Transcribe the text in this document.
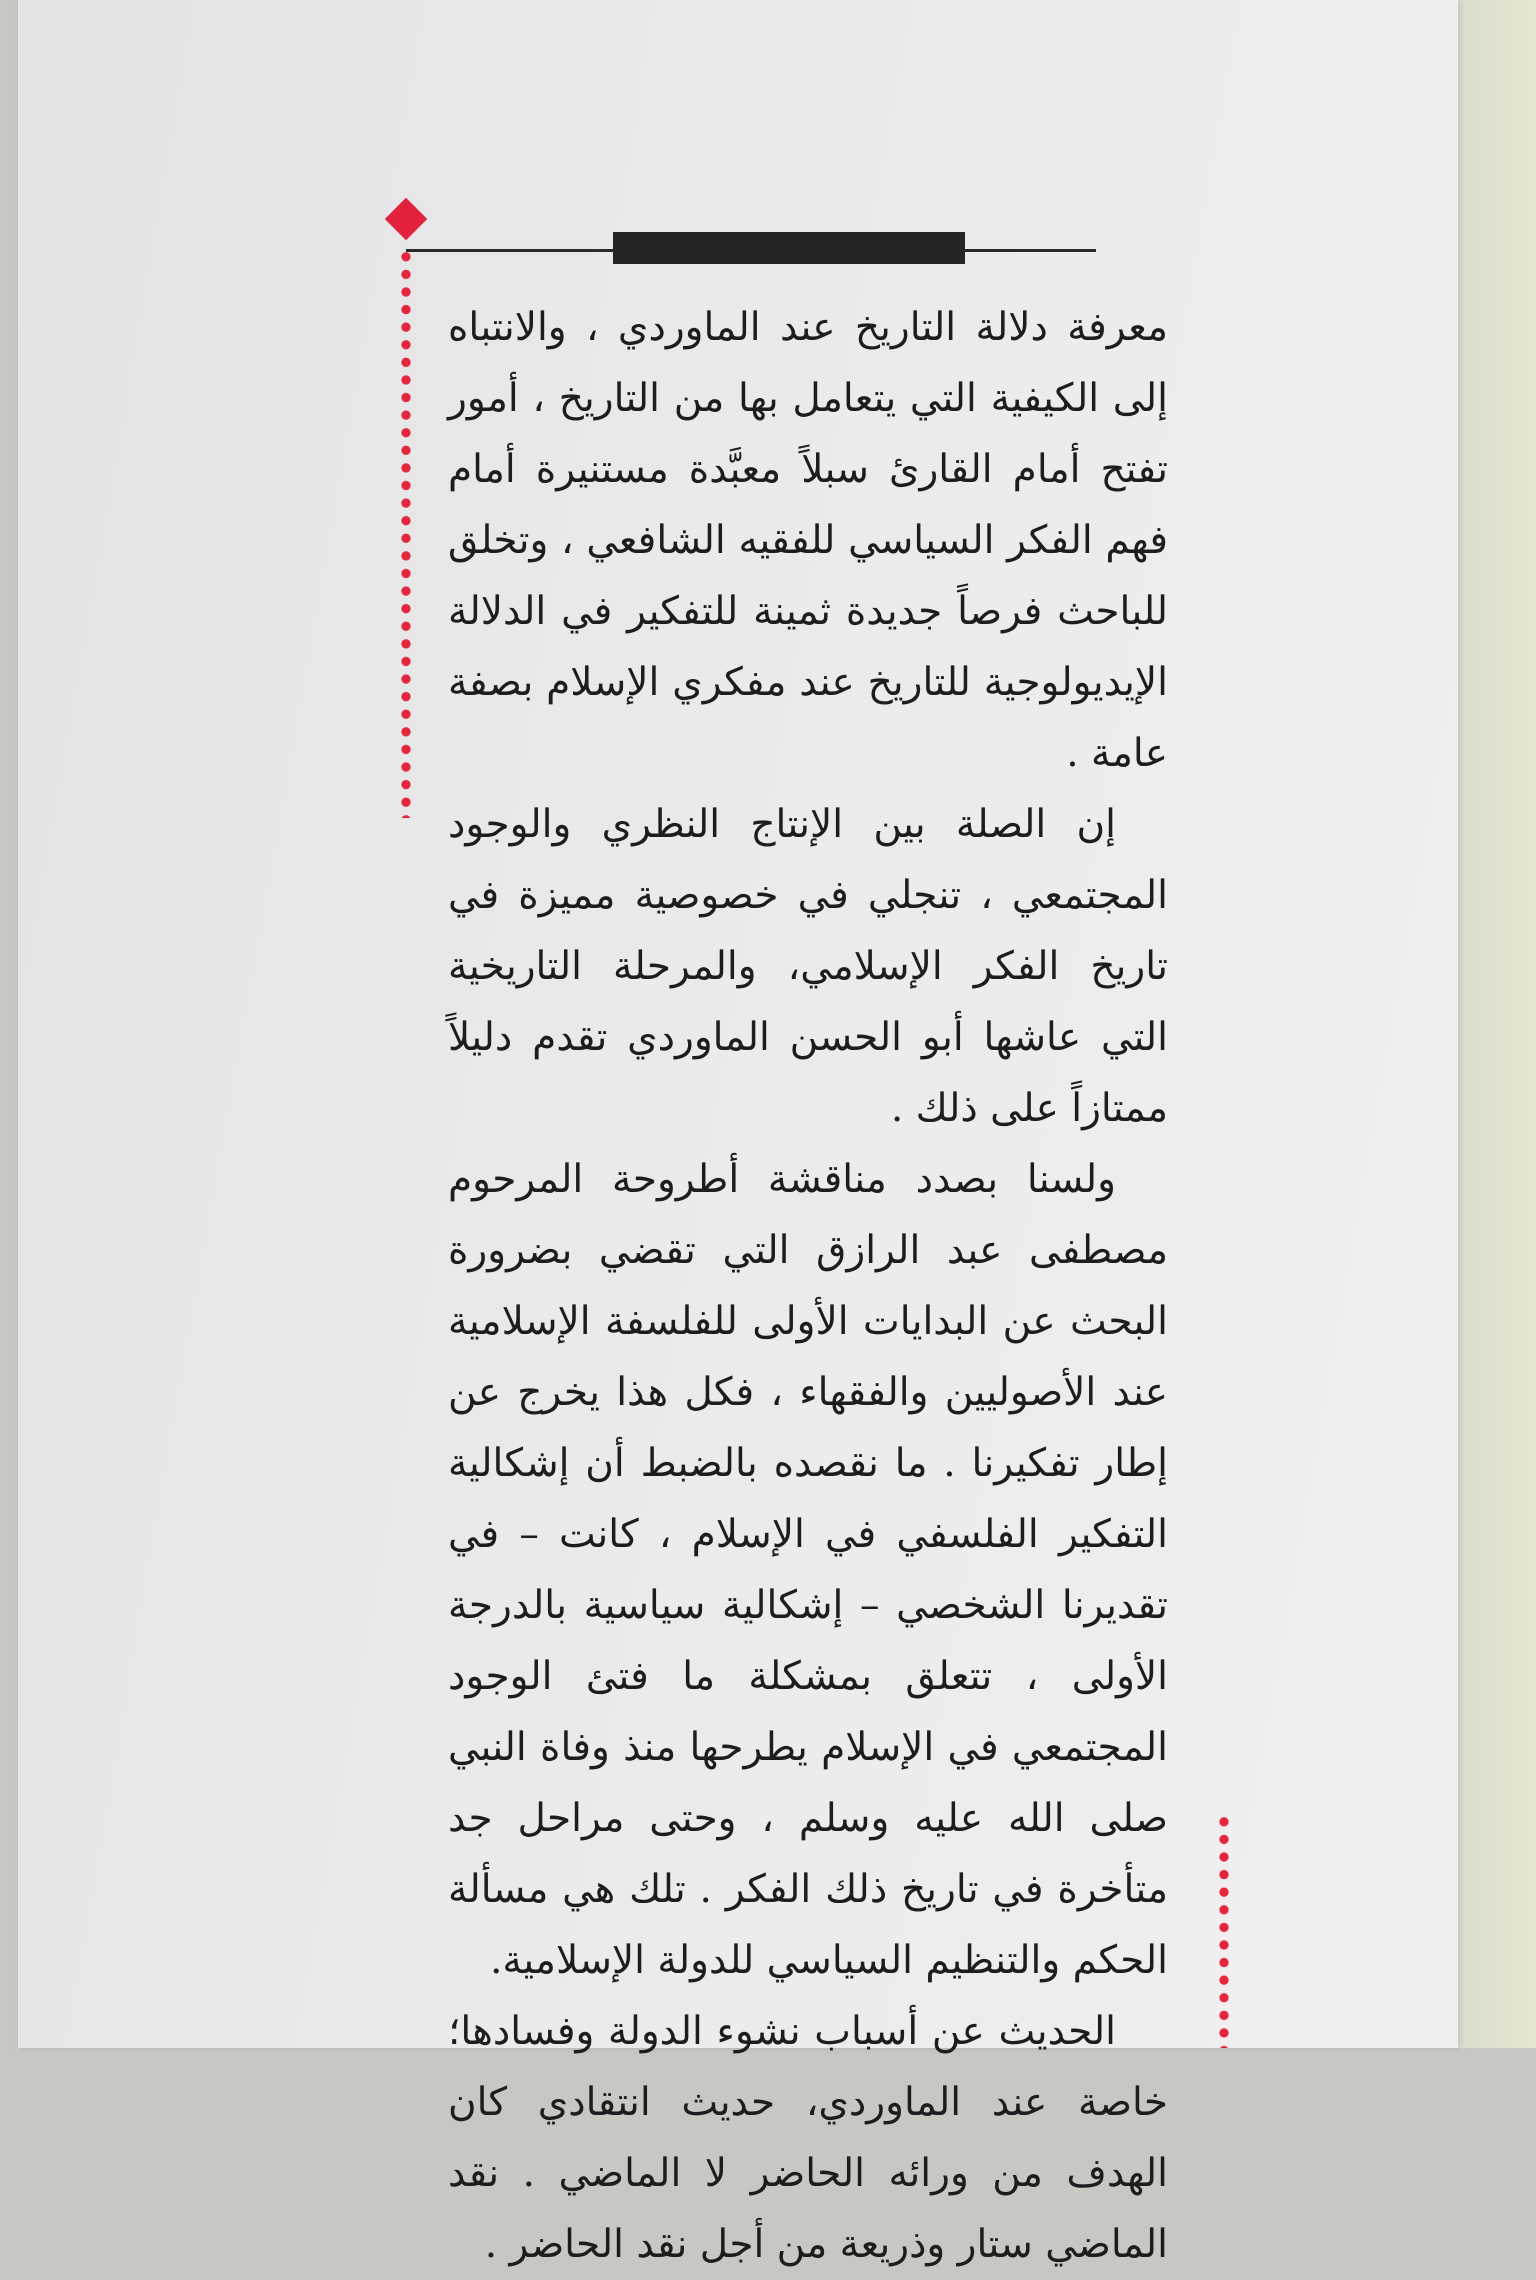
معرفة دلالة التاريخ عند الماوردي ، والانتباه إلى الكيفية التي يتعامل بها من التاريخ ، أمور تفتح أمام القارئ سبلاً معبَّدة مستنيرة أمام فهم الفكر السياسي للفقيه الشافعي ، وتخلق للباحث فرصاً جديدة ثمينة للتفكير في الدلالة الإيديولوجية للتاريخ عند مفكري الإسلام بصفة عامة .

إن الصلة بين الإنتاج النظري والوجود المجتمعي ، تنجلي في خصوصية مميزة في تاريخ الفكر الإسلامي، والمرحلة التاريخية التي عاشها أبو الحسن الماوردي تقدم دليلاً ممتازاً على ذلك .

ولسنا بصدد مناقشة أطروحة المرحوم مصطفى عبد الرازق التي تقضي بضرورة البحث عن البدايات الأولى للفلسفة الإسلامية عند الأصوليين والفقهاء ، فكل هذا يخرج عن إطار تفكيرنا . ما نقصده بالضبط أن إشكالية التفكير الفلسفي في الإسلام ، كانت – في تقديرنا الشخصي – إشكالية سياسية بالدرجة الأولى ، تتعلق بمشكلة ما فتئ الوجود المجتمعي في الإسلام يطرحها منذ وفاة النبي صلى الله عليه وسلم ، وحتى مراحل جد متأخرة في تاريخ ذلك الفكر . تلك هي مسألة الحكم والتنظيم السياسي للدولة الإسلامية.

الحديث عن أسباب نشوء الدولة وفسادها؛ خاصة عند الماوردي، حديث انتقادي كان الهدف من ورائه الحاضر لا الماضي . نقد الماضي ستار وذريعة من أجل نقد الحاضر .
